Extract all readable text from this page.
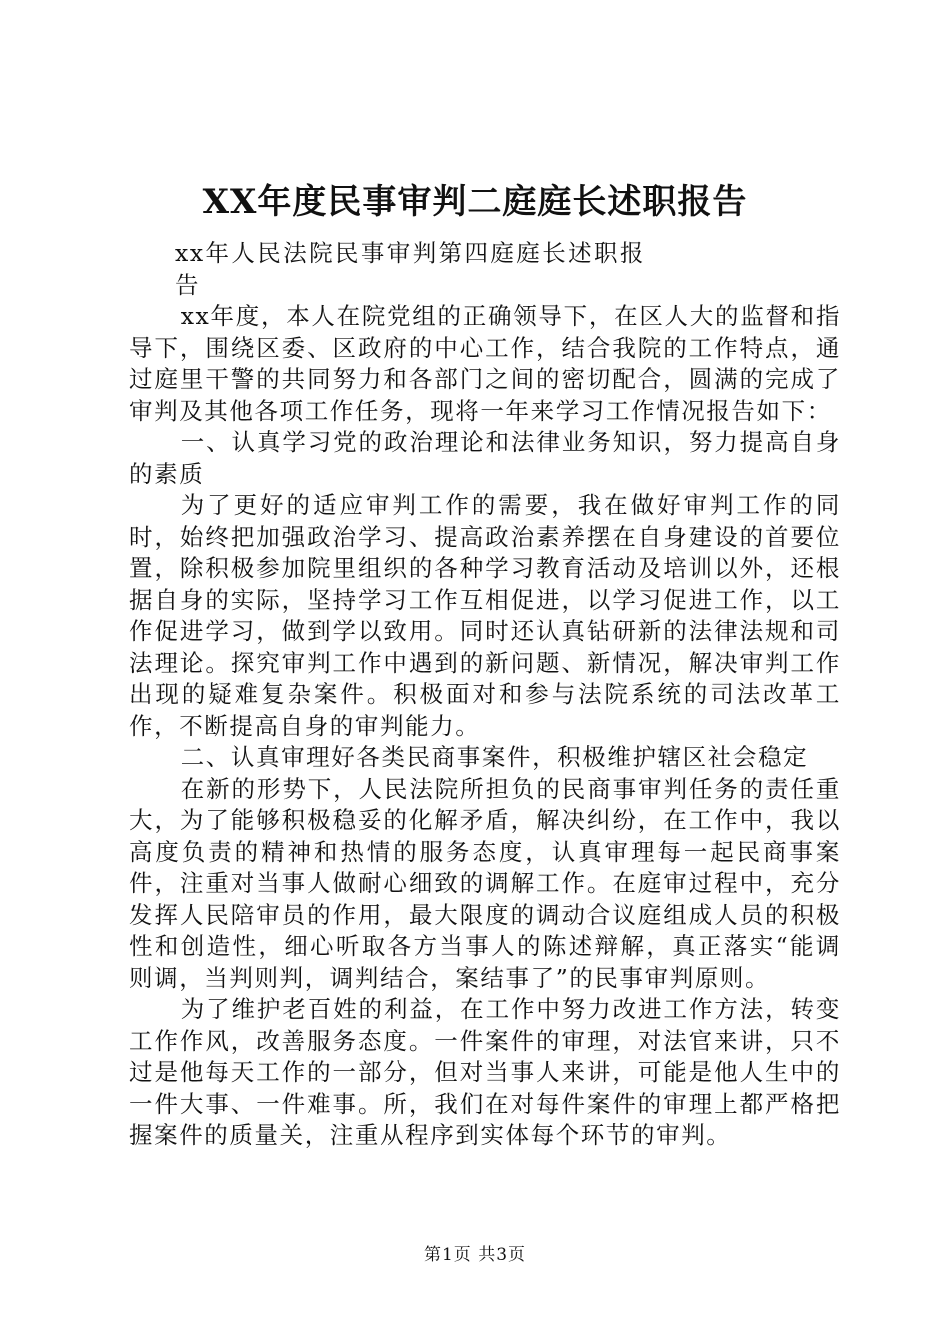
XX年度民事审判二庭庭长述职报告

xx年人民法院民事审判第四庭庭长述职报告

xx年度，本人在院党组的正确领导下，在区人大的监督和指导下，围绕区委、区政府的中心工作，结合我院的工作特点，通过庭里干警的共同努力和各部门之间的密切配合，圆满的完成了审判及其他各项工作任务，现将一年来学习工作情况报告如下：

一、认真学习党的政治理论和法律业务知识，努力提高自身的素质

为了更好的适应审判工作的需要，我在做好审判工作的同时，始终把加强政治学习、提高政治素养摆在自身建设的首要位置，除积极参加院里组织的各种学习教育活动及培训以外，还根据自身的实际，坚持学习工作互相促进，以学习促进工作，以工作促进学习，做到学以致用。同时还认真钻研新的法律法规和司法理论。探究审判工作中遇到的新问题、新情况，解决审判工作出现的疑难复杂案件。积极面对和参与法院系统的司法改革工作，不断提高自身的审判能力。

二、认真审理好各类民商事案件，积极维护辖区社会稳定

在新的形势下，人民法院所担负的民商事审判任务的责任重大，为了能够积极稳妥的化解矛盾，解决纠纷，在工作中，我以高度负责的精神和热情的服务态度，认真审理每一起民商事案件，注重对当事人做耐心细致的调解工作。在庭审过程中，充分发挥人民陪审员的作用，最大限度的调动合议庭组成人员的积极性和创造性，细心听取各方当事人的陈述辩解，真正落实“能调则调，当判则判，调判结合，案结事了”的民事审判原则。

为了维护老百姓的利益，在工作中努力改进工作方法，转变工作作风，改善服务态度。一件案件的审理，对法官来讲，只不过是他每天工作的一部分，但对当事人来讲，可能是他人生中的一件大事、一件难事。所，我们在对每件案件的审理上都严格把握案件的质量关，注重从程序到实体每个环节的审判。

第1页 共3页
